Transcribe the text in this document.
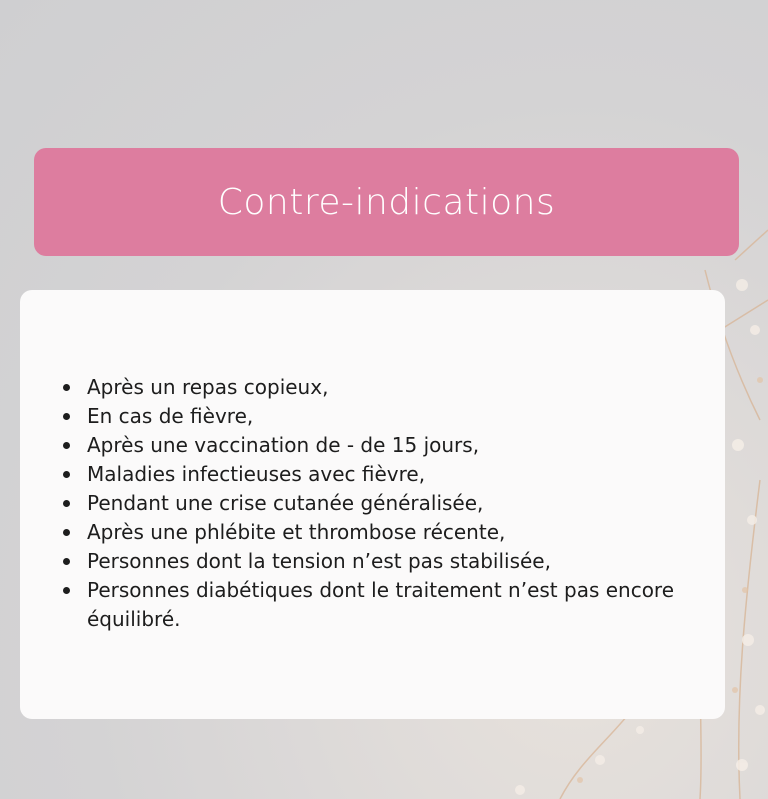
Contre-indications
Après un repas copieux,
En cas de fièvre,
Après une vaccination de - de 15 jours,
Maladies infectieuses avec fièvre,
Pendant une crise cutanée généralisée,
Après une phlébite et thrombose récente,
Personnes dont la tension n’est pas stabilisée,
Personnes diabétiques dont le traitement n’est pas encore équilibré.
